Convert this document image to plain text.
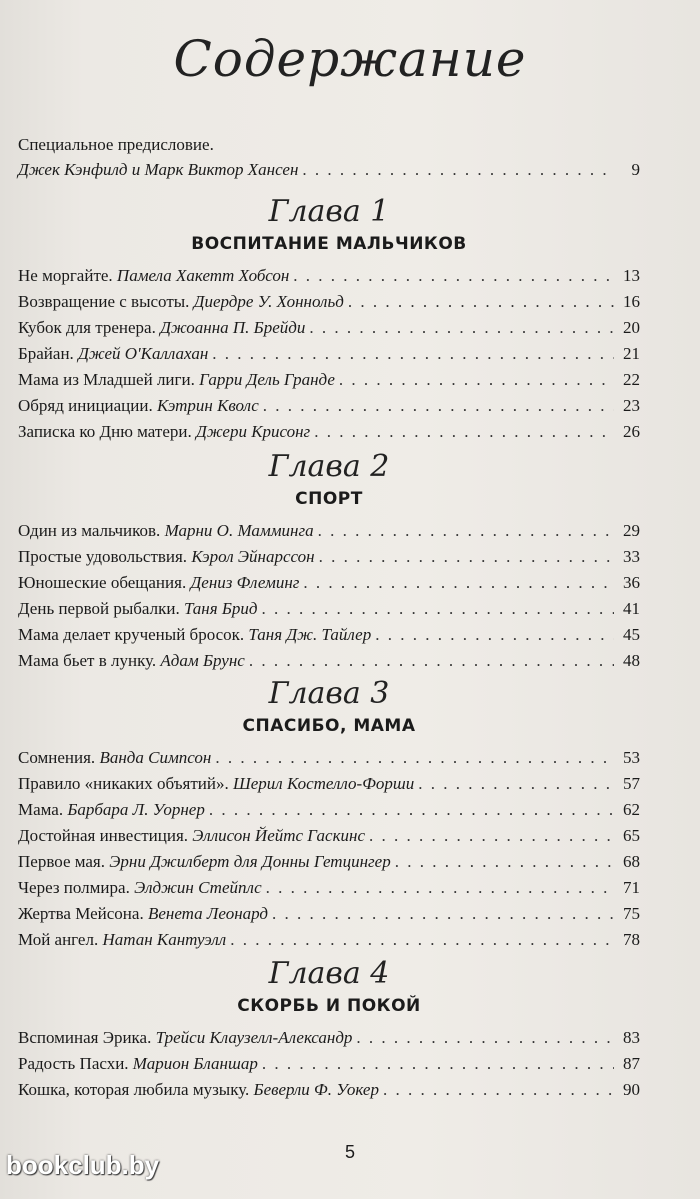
Содержание
Специальное предисловие.
Джек Кэнфилд и Марк Виктор Хансен . . .	9
Глава 1
ВОСПИТАНИЕ МАЛЬЧИКОВ
Не моргайте. Памела Хакетт Хобсон . . .	13
Возвращение с высоты. Диердре У. Хоннольд . . .	16
Кубок для тренера. Джоанна П. Брейди . . .	20
Брайан. Джей О'Каллахан . . .	21
Мама из Младшей лиги. Гарри Дель Гранде . . .	22
Обряд инициации. Кэтрин Кволс . . .	23
Записка ко Дню матери. Джери Крисонг . . .	26
Глава 2
СПОРТ
Один из мальчиков. Марни О. Мамминга . . .	29
Простые удовольствия. Кэрол Эйнарссон . . .	33
Юношеские обещания. Дениз Флеминг . . .	36
День первой рыбалки. Таня Брид . . .	41
Мама делает крученый бросок. Таня Дж. Тайлер . . .	45
Мама бьет в лунку. Адам Брунс . . .	48
Глава 3
СПАСИБО, МАМА
Сомнения. Ванда Симпсон . . .	53
Правило «никаких объятий». Шерил Костелло-Форши . . .	57
Мама. Барбара Л. Уорнер . . .	62
Достойная инвестиция. Эллисон Йейтс Гаскинс . . .	65
Первое мая. Эрни Джилберт для Донны Гетцингер . . .	68
Через полмира. Элджин Стейплс . . .	71
Жертва Мейсона. Венета Леонард . . .	75
Мой ангел. Натан Кантуэлл . . .	78
Глава 4
СКОРБЬ И ПОКОЙ
Вспоминая Эрика. Трейси Клаузелл-Александр . . .	83
Радость Пасхи. Марион Бланшар . . .	87
Кошка, которая любила музыку. Беверли Ф. Уокер . . .	90
5
bookclub.by
